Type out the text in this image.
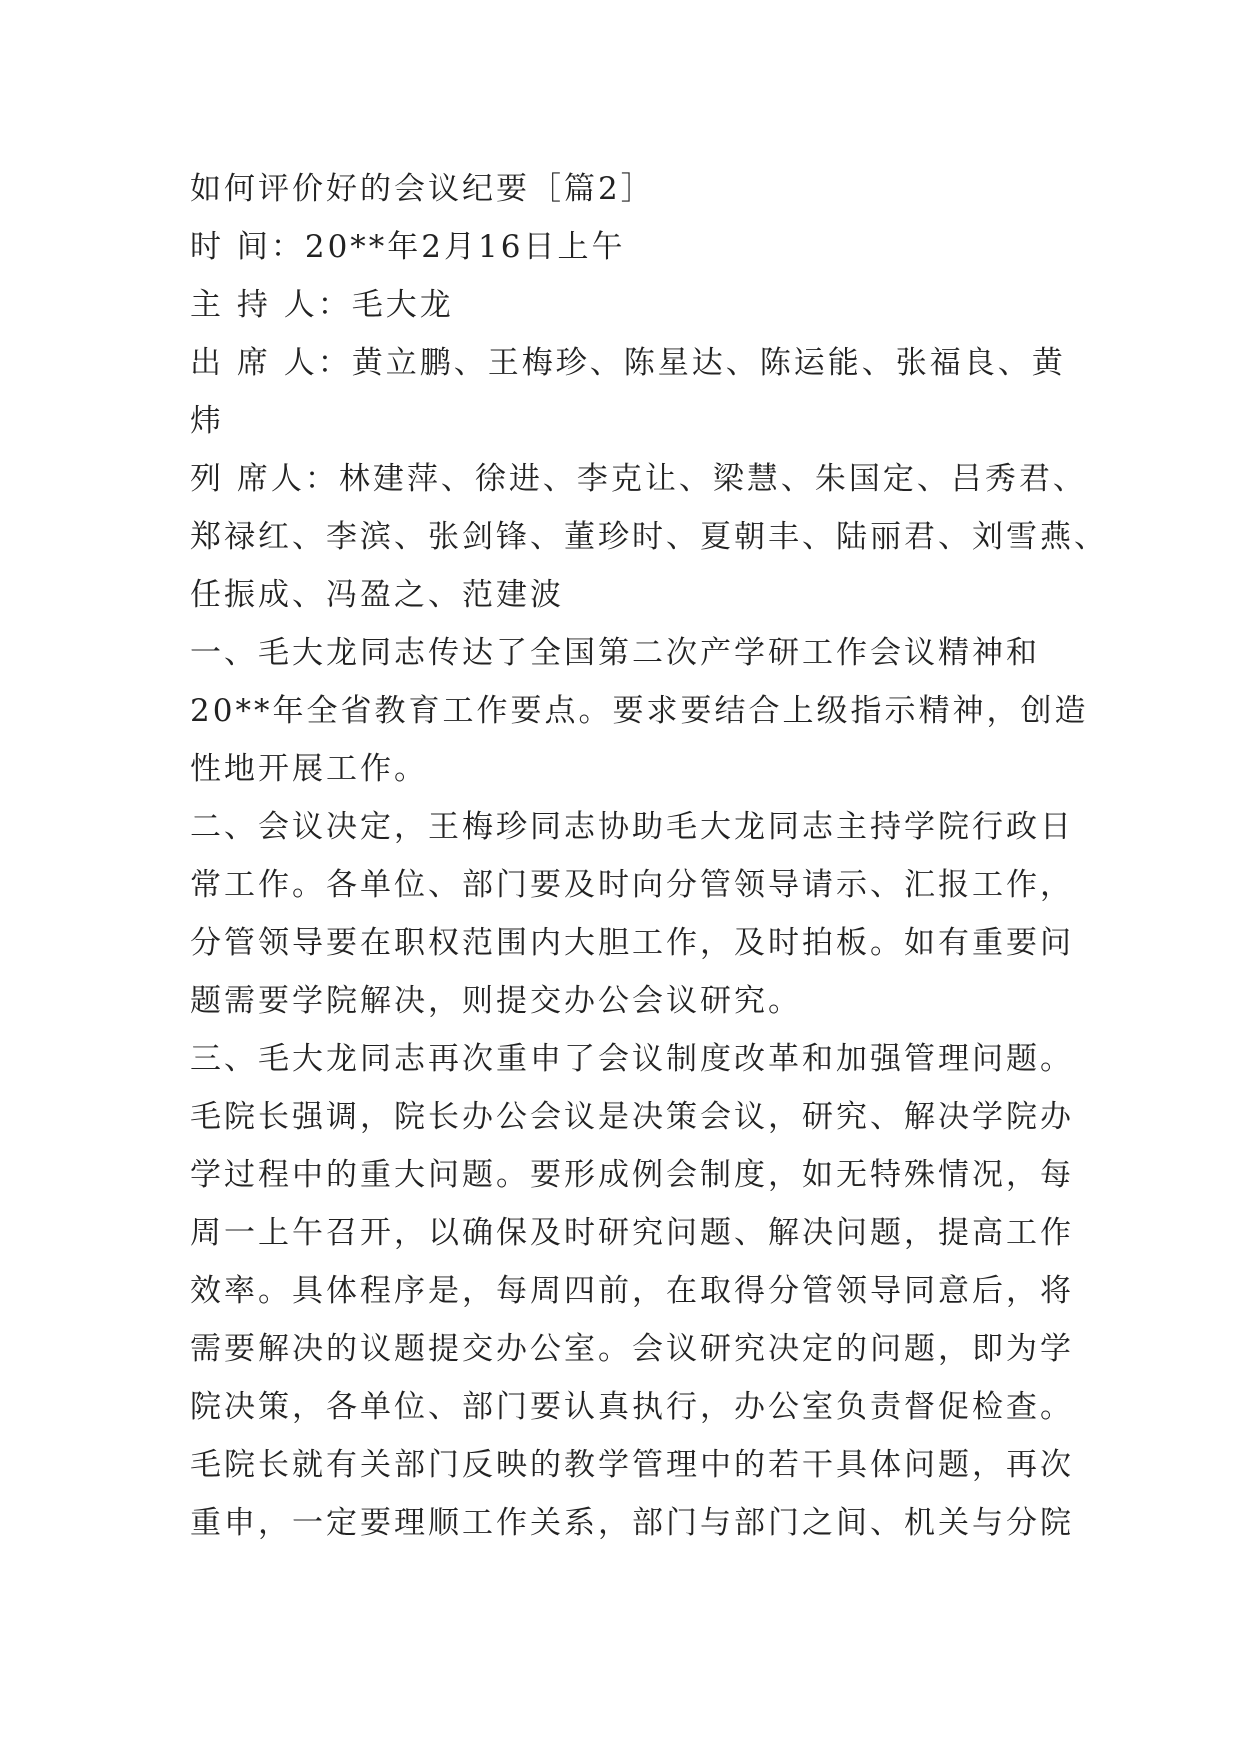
如何评价好的会议纪要［篇2］
时 间：20**年2月16日上午
主 持 人：毛大龙
出 席 人：黄立鹏、王梅珍、陈星达、陈运能、张福良、黄
炜
列 席人：林建萍、徐进、李克让、梁慧、朱国定、吕秀君、
郑禄红、李滨、张剑锋、董珍时、夏朝丰、陆丽君、刘雪燕、
任振成、冯盈之、范建波
一、毛大龙同志传达了全国第二次产学研工作会议精神和
20**年全省教育工作要点。要求要结合上级指示精神，创造
性地开展工作。
二、会议决定，王梅珍同志协助毛大龙同志主持学院行政日
常工作。各单位、部门要及时向分管领导请示、汇报工作，
分管领导要在职权范围内大胆工作，及时拍板。如有重要问
题需要学院解决，则提交办公会议研究。
三、毛大龙同志再次重申了会议制度改革和加强管理问题。
毛院长强调，院长办公会议是决策会议，研究、解决学院办
学过程中的重大问题。要形成例会制度，如无特殊情况，每
周一上午召开，以确保及时研究问题、解决问题，提高工作
效率。具体程序是，每周四前，在取得分管领导同意后，将
需要解决的议题提交办公室。会议研究决定的问题，即为学
院决策，各单位、部门要认真执行，办公室负责督促检查。
毛院长就有关部门反映的教学管理中的若干具体问题，再次
重申，一定要理顺工作关系，部门与部门之间、机关与分院
